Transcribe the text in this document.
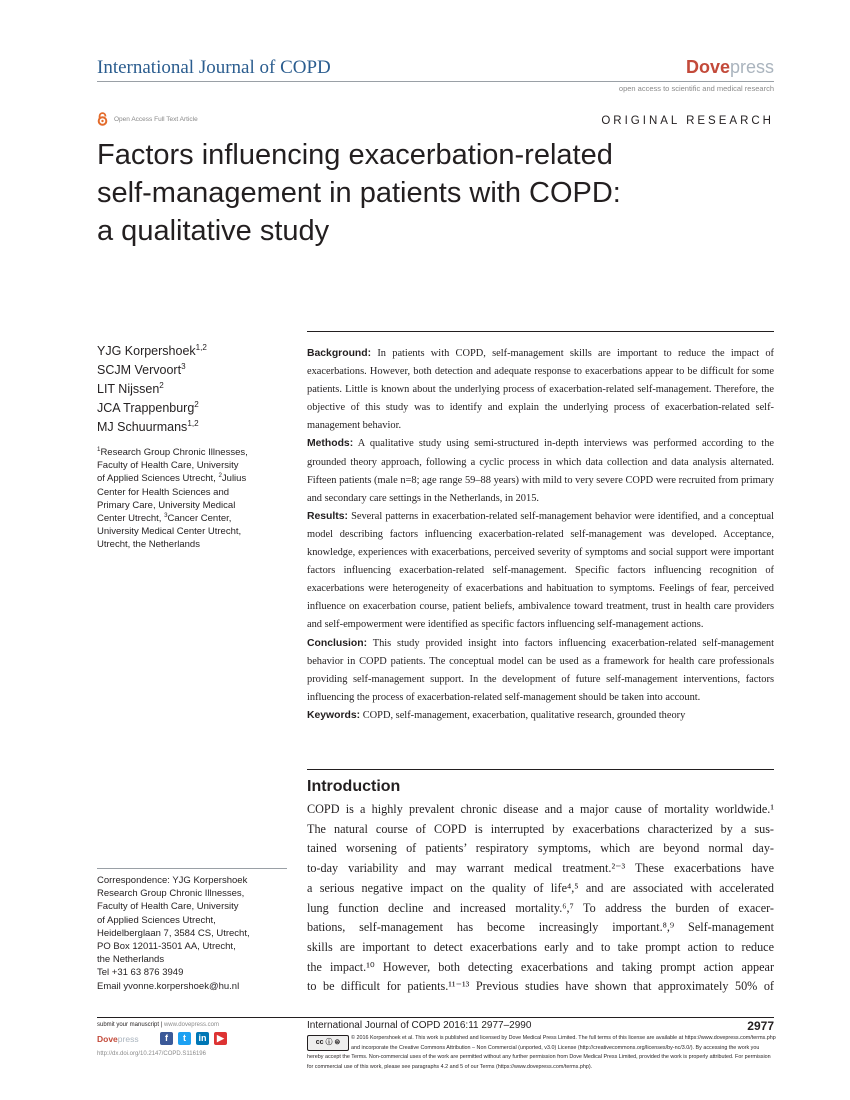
International Journal of COPD	Dovepress
open access to scientific and medical research
Open Access Full Text Article	ORIGINAL RESEARCH
Factors influencing exacerbation-related
self-management in patients with COPD:
a qualitative study
YJG Korpershoek$^{1,2}$
SCJM Vervoort$^3$
LIT Nijssen$^2$
JCA Trappenburg$^2$
MJ Schuurmans$^{1,2}$
$^1$Research Group Chronic Illnesses,
Faculty of Health Care, University
of Applied Sciences Utrecht, $^2$Julius
Center for Health Sciences and
Primary Care, University Medical
Center Utrecht, $^3$Cancer Center,
University Medical Center Utrecht,
Utrecht, the Netherlands

Background: In patients with COPD, self-management skills are important to reduce the impact of exacerbations. However, both detection and adequate response to exacerbations appear to be difficult for some patients. Little is known about the underlying process of exacerbation-related self-management. Therefore, the objective of this study was to identify and explain the underlying process of exacerbation-related self-management behavior.

Methods: A qualitative study using semi-structured in-depth interviews was performed according to the grounded theory approach, following a cyclic process in which data collection and data analysis alternated. Fifteen patients (male n=8; age range 59–88 years) with mild to very severe COPD were recruited from primary and secondary care settings in the Netherlands, in 2015.

Results: Several patterns in exacerbation-related self-management behavior were identified, and a conceptual model describing factors influencing exacerbation-related self-management was developed. Acceptance, knowledge, experiences with exacerbations, perceived severity of symptoms and social support were important factors influencing exacerbation-related self-management. Specific factors influencing recognition of exacerbations were heterogeneity of exacerbations and habituation to symptoms. Feelings of fear, perceived influence on exacerbation course, patient beliefs, ambivalence toward treatment, trust in health care providers and self-empowerment were identified as specific factors influencing self-management actions.

Conclusion: This study provided insight into factors influencing exacerbation-related self-management behavior in COPD patients. The conceptual model can be used as a framework for health care professionals providing self-management support. In the development of future self-management interventions, factors influencing the process of exacerbation-related self-management should be taken into account.

Keywords: COPD, self-management, exacerbation, qualitative research, grounded theory

Introduction
COPD is a highly prevalent chronic disease and a major cause of mortality worldwide.¹
The natural course of COPD is interrupted by exacerbations characterized by a sus-
tained worsening of patients’ respiratory symptoms, which are beyond normal day-
to-day variability and may warrant medical treatment.²⁻³ These exacerbations have
a serious negative impact on the quality of life⁴,⁵ and are associated with accelerated
lung function decline and increased mortality.⁶,⁷ To address the burden of exacer-
bations, self-management has become increasingly important.⁸,⁹ Self-management
skills are important to detect exacerbations early and to take prompt action to reduce
the impact.¹⁰ However, both detecting exacerbations and taking prompt action appear
to be difficult for patients.¹¹⁻¹³ Previous studies have shown that approximately 50% of
Correspondence: YJG Korpershoek
Research Group Chronic Illnesses,
Faculty of Health Care, University
of Applied Sciences Utrecht,
Heidelberglaan 7, 3584 CS, Utrecht,
PO Box 12011-3501 AA, Utrecht,
the Netherlands
Tel +31 63 876 3949
Email yvonne.korpershoek@hu.nl
submit your manuscript | www.dovepress.com
Dovepress	f	t	in	▶
http://dx.doi.org/10.2147/COPD.S116196
International Journal of COPD 2016:11 2977–2990	2977
cc ⓘ ⊜
© 2016 Korpershoek et al. This work is published and licensed by Dove Medical Press Limited. The full terms of this license are available at https://www.dovepress.com/terms.php
and incorporate the Creative Commons Attribution – Non Commercial (unported, v3.0) License (http://creativecommons.org/licenses/by-nc/3.0/). By accessing the work you
hereby accept the Terms. Non-commercial uses of the work are permitted without any further permission from Dove Medical Press Limited, provided the work is properly attributed. For permission
for commercial use of this work, please see paragraphs 4.2 and 5 of our Terms (https://www.dovepress.com/terms.php).
